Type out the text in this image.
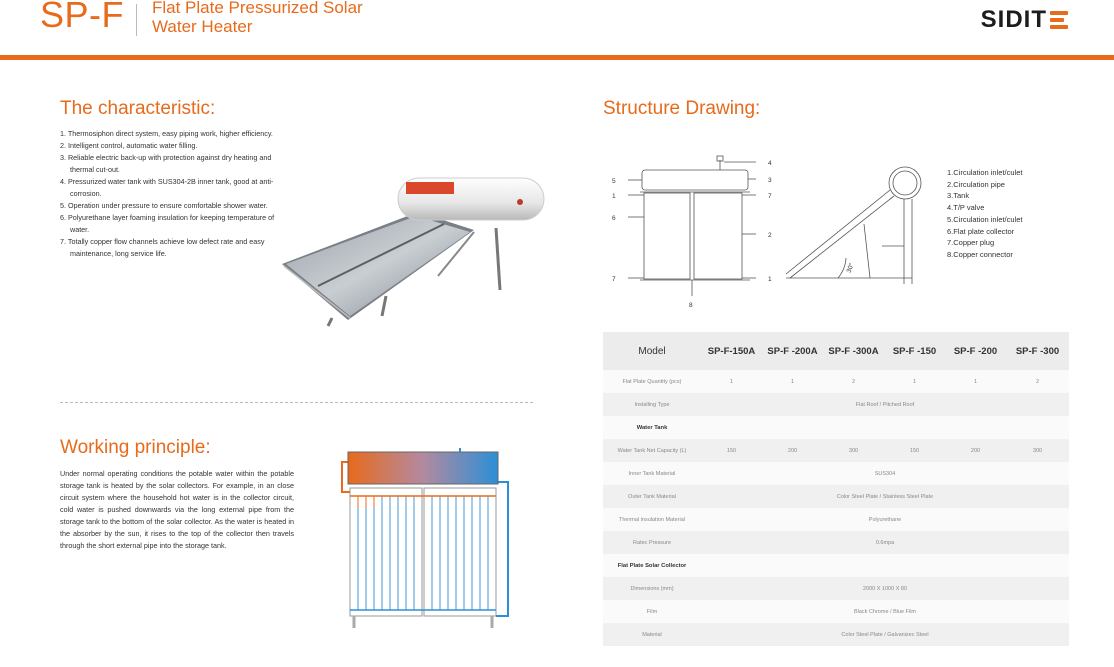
SP-F Flat Plate Pressurized Solar
Water Heater	SIDIT
The characteristic:
1. Thermosiphon direct system, easy piping work, higher efficiency.
2. Intelligent control, automatic water filling.
3. Reliable electric back-up with protection against dry heating and thermal cut-out.
4. Pressurized water tank with SUS304-2B inner tank, good at anti-corrosion.
5. Operation under pressure to ensure comfortable shower water.
6. Polyurethane layer foaming insulation for keeping temperature of water.
7. Totally copper flow channels achieve low defect rate and easy maintenance, long service life.
Working principle:
Under normal operating conditions the potable water within the potable storage tank is heated by the solar collectors. For example, in an close circuit system where the household hot water is in the collector circuit, cold water is pushed downwards via the long external pipe from the storage tank to the bottom of the solar collector. As the water is heated in the absorber by the sun, it rises to the top of the collector then travels through the short external pipe into the storage tank.
Structure Drawing:
4
5	3
1	7
6
2
7	1
8
30°
1.Circulation inlet/culet
2.Circulation pipe
3.Tank
4.T/P valve
5.Circulation inlet/culet
6.Flat plate collector
7.Copper plug
8.Copper connector
Model	SP-F-150A	SP-F -200A	SP-F -300A	SP-F -150	SP-F -200	SP-F -300
Flat Plate Quantity (pcs)	1	1	2	1	1	2
Installing Type	Flat Roof / Pitched Roof					
Water Tank						
Water Tank Net Capacity (L)	150	200	300	150	200	300
Inner Tank Material	SUS304					
Outer Tank Material	Color Steel Plate / Stainless Steel Plate					
Thermal insulation Material	Polyurethane					
Ratec Pressure	0.6mpa					
Flat Plate Solar Collector						
Dimensions (mm)	2000 X 1000 X 80					
Film	Black Chrome / Blue Film					
Material	Color Steel Plate / Galvanizec Steel					
